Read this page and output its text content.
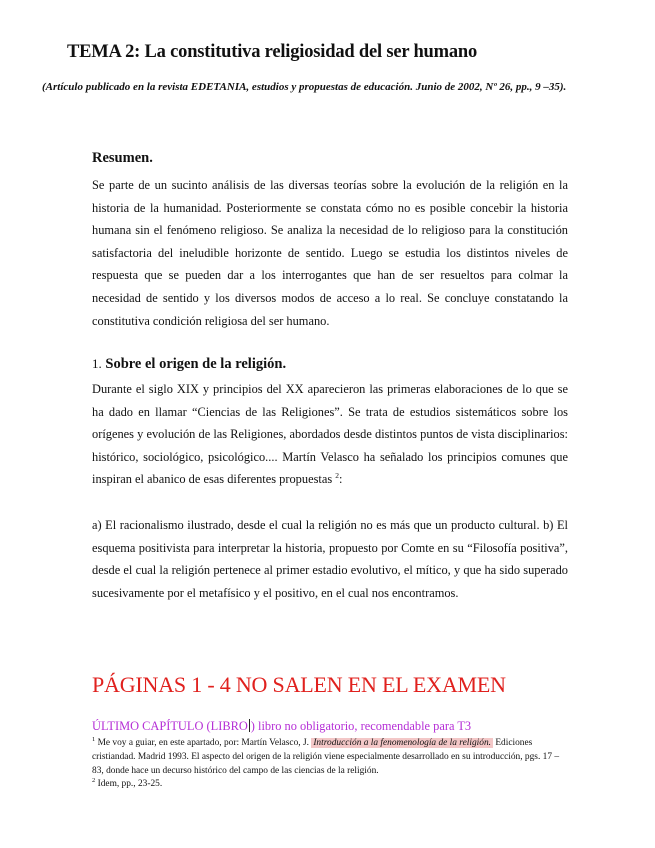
TEMA 2: La constitutiva religiosidad del ser humano
(Artículo publicado en la revista EDETANIA, estudios y propuestas de educación. Junio de 2002, Nº 26, pp., 9 –35).
Resumen.

Se parte de un sucinto análisis de las diversas teorías sobre la evolución de la religión en la historia de la humanidad. Posteriormente se constata cómo no es posible concebir la historia humana sin el fenómeno religioso. Se analiza la necesidad de lo religioso para la constitución satisfactoria del ineludible horizonte de sentido. Luego se estudia los distintos niveles de respuesta que se pueden dar a los interrogantes que han de ser resueltos para colmar la necesidad de sentido y los diversos modos de acceso a lo real. Se concluye constatando la constitutiva condición religiosa del ser humano.

1. Sobre el origen de la religión.

Durante el siglo XIX y principios del XX aparecieron las primeras elaboraciones de lo que se ha dado en llamar “Ciencias de las Religiones”. Se trata de estudios sistemáticos sobre los orígenes y evolución de las Religiones, abordados desde distintos puntos de vista disciplinarios: histórico, sociológico, psicológico.... Martín Velasco ha señalado los principios comunes que inspiran el abanico de esas diferentes propuestas $^2$:

a) El racionalismo ilustrado, desde el cual la religión no es más que un producto cultural. b) El esquema positivista para interpretar la historia, propuesto por Comte en su “Filosofía positiva”, desde el cual la religión pertenece al primer estadio evolutivo, el mítico, y que ha sido superado sucesivamente por el metafísico y el positivo, en el cual nos encontramos.

PÁGINAS 1 - 4 NO SALEN EN EL EXAMEN
ÚLTIMO CAPÍTULO (LIBRO ) libro no obligatorio, recomendable para T3

$^1$ Me voy a guiar, en este apartado, por: Martín Velasco, J. Introducción a la fenomenología de la religión. Ediciones cristiandad. Madrid 1993. El aspecto del origen de la religión viene especialmente desarrollado en su introducción, pgs. 17 – 83, donde hace un decurso histórico del campo de las ciencias de la religión.

$^2$ Idem, pp., 23-25.
